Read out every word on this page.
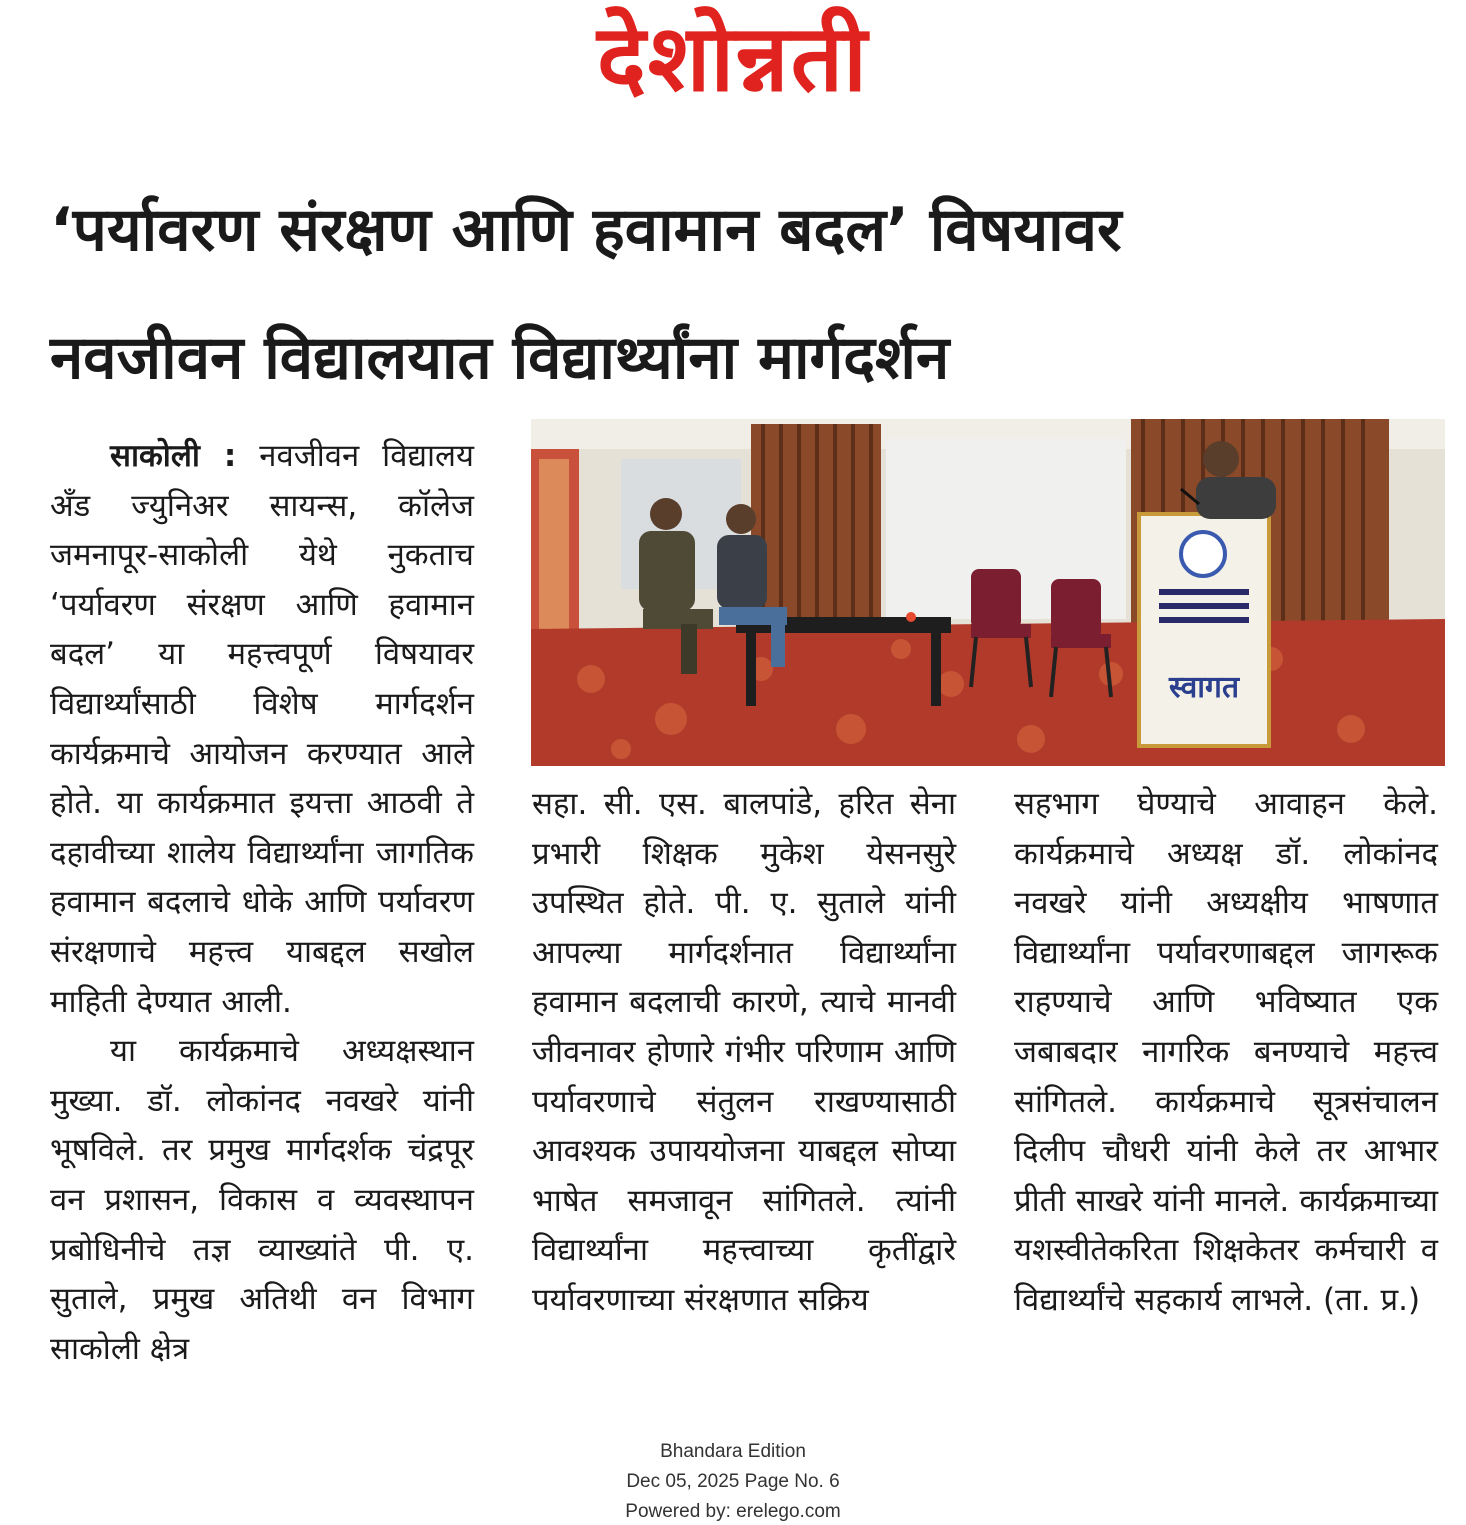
देशोन्नती
‘पर्यावरण संरक्षण आणि हवामान बदल’ विषयावर
नवजीवन विद्यालयात विद्यार्थ्यांना मार्गदर्शन

साकोली : नवजीवन विद्यालय अँड ज्युनिअर सायन्स, कॉलेज जमनापूर-साकोली येथे नुकताच ‘पर्यावरण संरक्षण आणि हवामान बदल’ या महत्त्वपूर्ण विषयावर विद्यार्थ्यांसाठी विशेष मार्गदर्शन कार्यक्रमाचे आयोजन करण्यात आले होते. या कार्यक्रमात इयत्ता आठवी ते दहावीच्या शालेय विद्यार्थ्यांना जागतिक हवामान बदलाचे धोके आणि पर्यावरण संरक्षणाचे महत्त्व याबद्दल सखोल माहिती देण्यात आली.

या कार्यक्रमाचे अध्यक्षस्थान मुख्या. डॉ. लोकांनद नवखरे यांनी भूषविले. तर प्रमुख मार्गदर्शक चंद्रपूर वन प्रशासन, विकास व व्यवस्थापन प्रबोधिनीचे तज्ञ व्याख्यांते पी. ए. सुताले, प्रमुख अतिथी वन विभाग साकोली क्षेत्र

स्वागत

सहा. सी. एस. बालपांडे, हरित सेना प्रभारी शिक्षक मुकेश येसनसुरे उपस्थित होते. पी. ए. सुताले यांनी आपल्या मार्गदर्शनात विद्यार्थ्यांना हवामान बदलाची कारणे, त्याचे मानवी जीवनावर होणारे गंभीर परिणाम आणि पर्यावरणाचे संतुलन राखण्यासाठी आवश्यक उपाययोजना याबद्दल सोप्या भाषेत समजावून सांगितले. त्यांनी विद्यार्थ्यांना महत्त्वाच्या कृतींद्वारे पर्यावरणाच्या संरक्षणात सक्रिय

सहभाग घेण्याचे आवाहन केले. कार्यक्रमाचे अध्यक्ष डॉ. लोकांनद नवखरे यांनी अध्यक्षीय भाषणात विद्यार्थ्यांना पर्यावरणाबद्दल जागरूक राहण्याचे आणि भविष्यात एक जबाबदार नागरिक बनण्याचे महत्त्व सांगितले. कार्यक्रमाचे सूत्रसंचालन दिलीप चौधरी यांनी केले तर आभार प्रीती साखरे यांनी मानले. कार्यक्रमाच्या यशस्वीतेकरिता शिक्षकेतर कर्मचारी व विद्यार्थ्यांचे सहकार्य लाभले. (ता. प्र.)

Bhandara Edition
Dec 05, 2025 Page No. 6
Powered by: erelego.com
